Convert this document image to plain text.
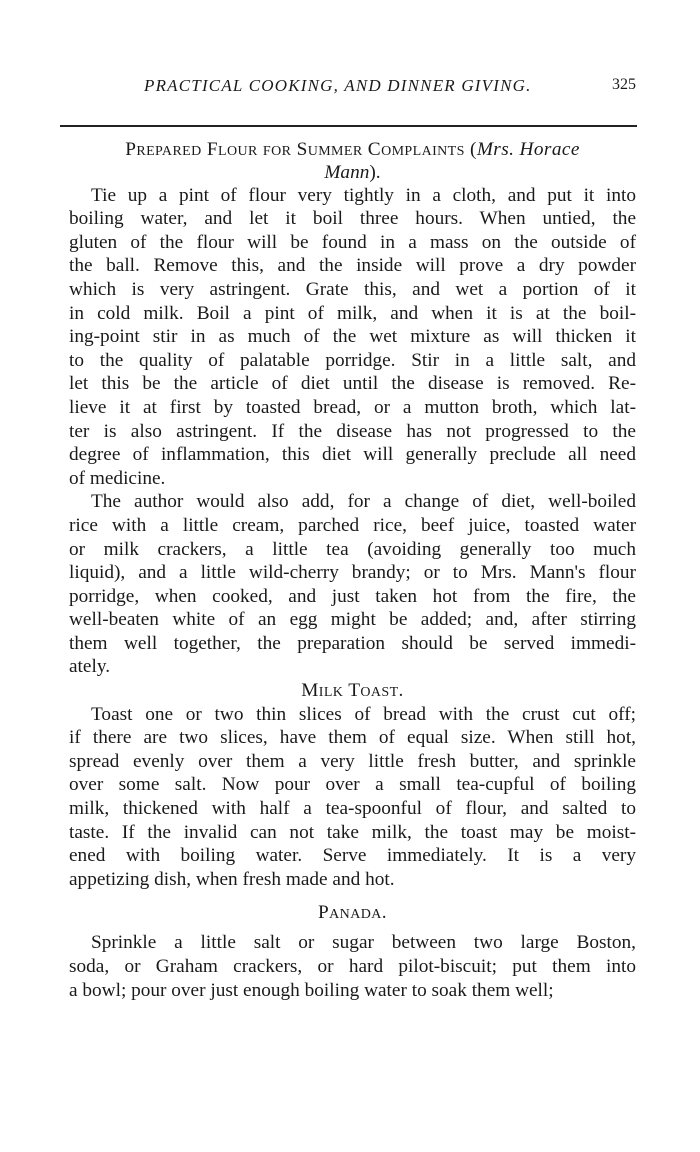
PRACTICAL COOKING, AND DINNER GIVING.	325
Prepared Flour for Summer Complaints (Mrs. Horace
Mann).
Tie up a pint of flour very tightly in a cloth, and put it into
boiling water, and let it boil three hours. When untied, the
gluten of the flour will be found in a mass on the outside of
the ball. Remove this, and the inside will prove a dry powder
which is very astringent. Grate this, and wet a portion of it
in cold milk. Boil a pint of milk, and when it is at the boil-
ing-point stir in as much of the wet mixture as will thicken it
to the quality of palatable porridge. Stir in a little salt, and
let this be the article of diet until the disease is removed. Re-
lieve it at first by toasted bread, or a mutton broth, which lat-
ter is also astringent. If the disease has not progressed to the
degree of inflammation, this diet will generally preclude all need
of medicine.
The author would also add, for a change of diet, well-boiled
rice with a little cream, parched rice, beef juice, toasted water
or milk crackers, a little tea (avoiding generally too much
liquid), and a little wild-cherry brandy; or to Mrs. Mann's flour
porridge, when cooked, and just taken hot from the fire, the
well-beaten white of an egg might be added; and, after stirring
them well together, the preparation should be served immedi-
ately.
Milk Toast.
Toast one or two thin slices of bread with the crust cut off;
if there are two slices, have them of equal size. When still hot,
spread evenly over them a very little fresh butter, and sprinkle
over some salt. Now pour over a small tea-cupful of boiling
milk, thickened with half a tea-spoonful of flour, and salted to
taste. If the invalid can not take milk, the toast may be moist-
ened with boiling water. Serve immediately. It is a very
appetizing dish, when fresh made and hot.
Panada.
Sprinkle a little salt or sugar between two large Boston,
soda, or Graham crackers, or hard pilot-biscuit; put them into
a bowl; pour over just enough boiling water to soak them well;
